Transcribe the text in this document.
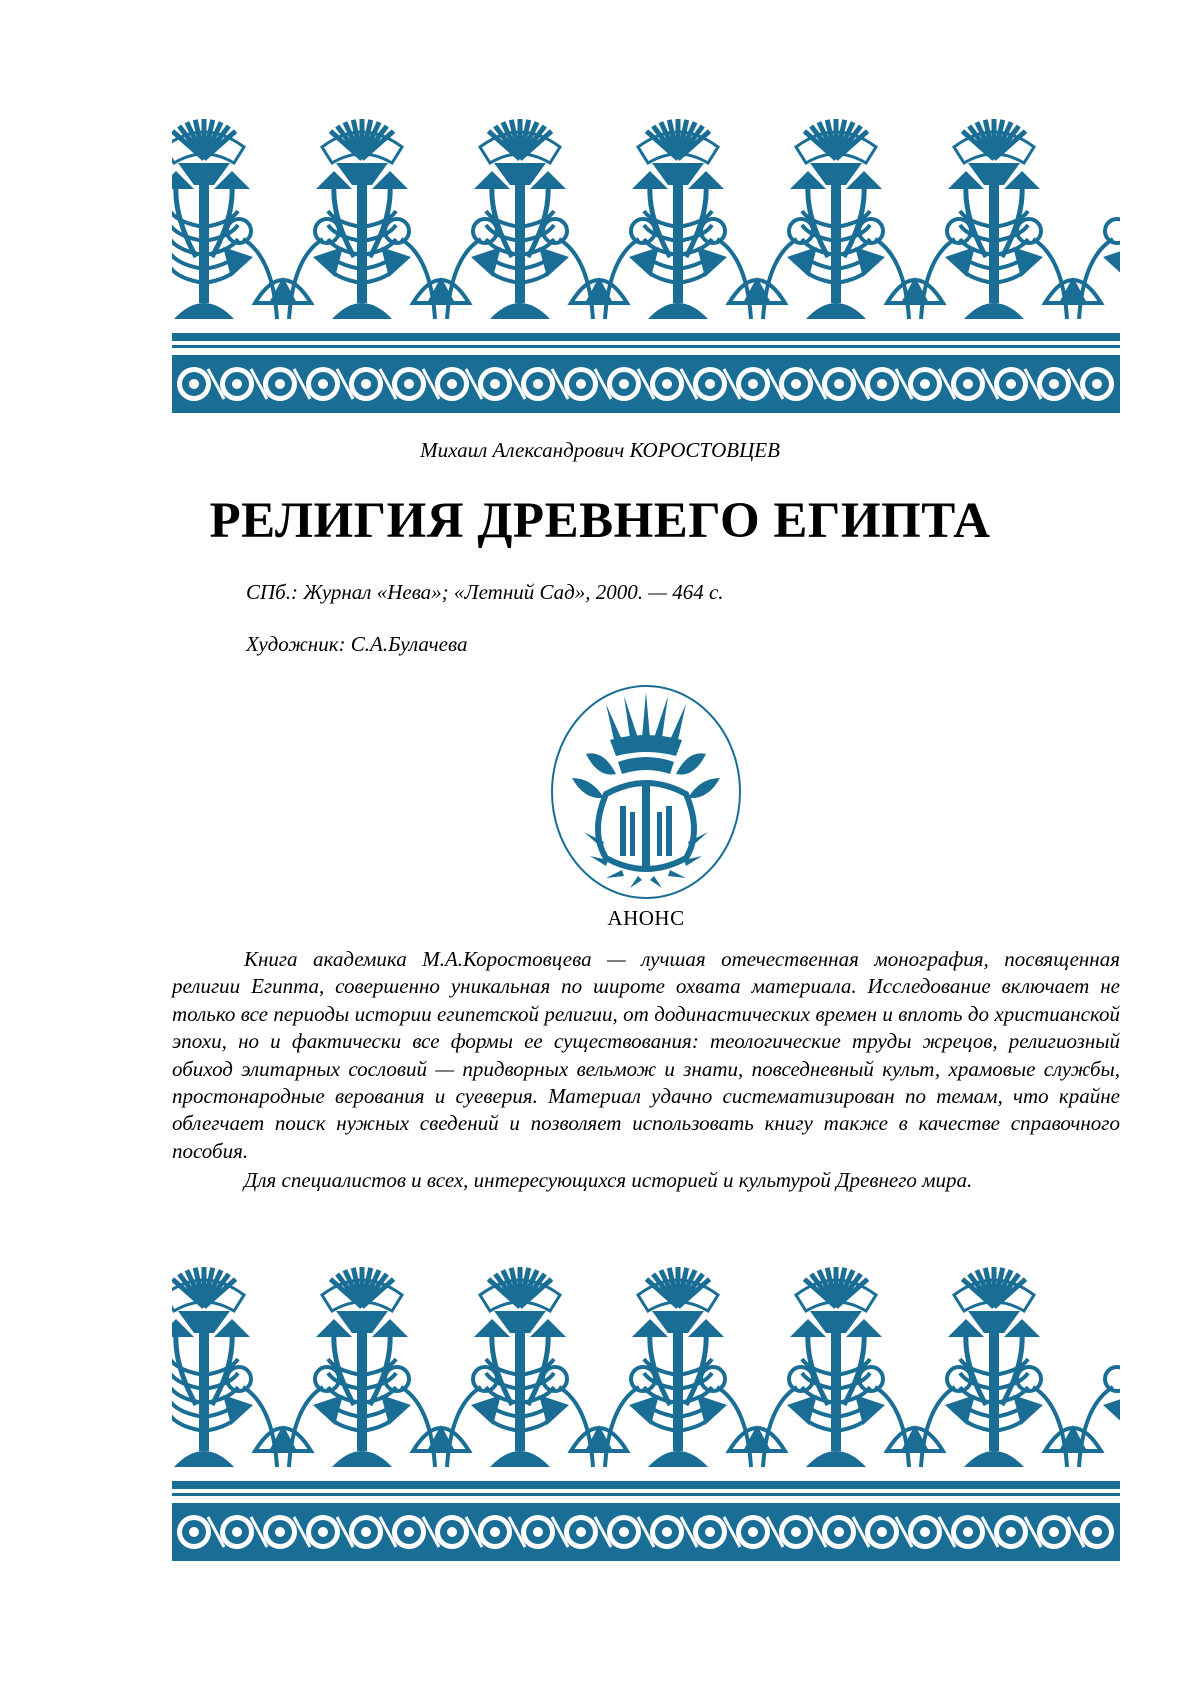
Михаил Александрович КОРОСТОВЦЕВ
РЕЛИГИЯ ДРЕВНЕГО ЕГИПТА
СПб.: Журнал «Нева»; «Летний Сад», 2000. — 464 с.
Художник: С.А.Булачева
АНОНС

Книга академика М.А.Коростовцева — лучшая отечественная монография, посвященная религии Египта, совершенно уникальная по широте охвата материала. Исследование включает не только все периоды истории египетской религии, от додинастических времен и вплоть до христианской эпохи, но и фактически все формы ее существования: теологические труды жрецов, религиозный обиход элитарных сословий — придворных вельмож и знати, повседневный культ, храмовые службы, простонародные верования и суеверия. Материал удачно систематизирован по темам, что крайне облегчает поиск нужных сведений и позволяет использовать книгу также в качестве справочного пособия.

Для специалистов и всех, интересующихся историей и культурой Древнего мира.
